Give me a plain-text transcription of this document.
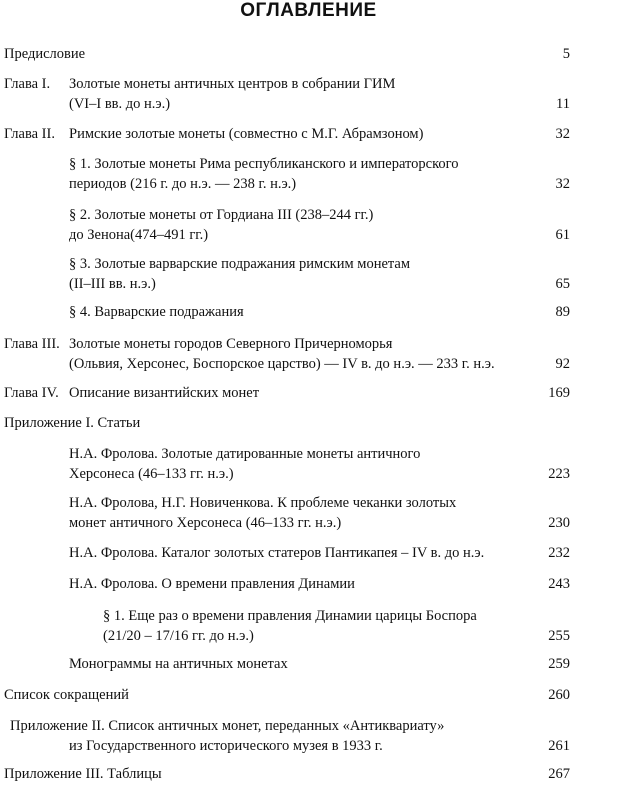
ОГЛАВЛЕНИЕ
Предисловие	5
Глава I. Золотые монеты античных центров в собрании ГИМ
(VI–I вв. до н.э.)	11
Глава II. Римские золотые монеты (совместно с М.Г. Абрамзоном)	32
§ 1. Золотые монеты Рима республиканского и императорского
периодов (216 г. до н.э. — 238 г. н.э.)	32
§ 2. Золотые монеты от Гордиана III (238–244 гг.)
до Зенона(474–491 гг.)	61
§ 3. Золотые варварские подражания римским монетам
(II–III вв. н.э.)	65
§ 4. Варварские подражания	89
Глава III. Золотые монеты городов Северного Причерноморья
(Ольвия, Херсонес, Боспорское царство) — IV в. до н.э. — 233 г. н.э.	92
Глава IV. Описание византийских монет	169
Приложение I. Статьи
Н.А. Фролова. Золотые датированные монеты античного
Херсонеса (46–133 гг. н.э.)	223
Н.А. Фролова, Н.Г. Новиченкова. К проблеме чеканки золотых
монет античного Херсонеса (46–133 гг. н.э.)	230
Н.А. Фролова. Каталог золотых статеров Пантикапея – IV в. до н.э.	232
Н.А. Фролова. О времени правления Динамии	243
§ 1. Еще раз о времени правления Динамии царицы Боспора
(21/20 – 17/16 гг. до н.э.)	255
Монограммы на античных монетах	259
Список сокращений	260
Приложение II. Список античных монет, переданных «Антиквариату»
из Государственного исторического музея в 1933 г.	261
Приложение III. Таблицы	267
